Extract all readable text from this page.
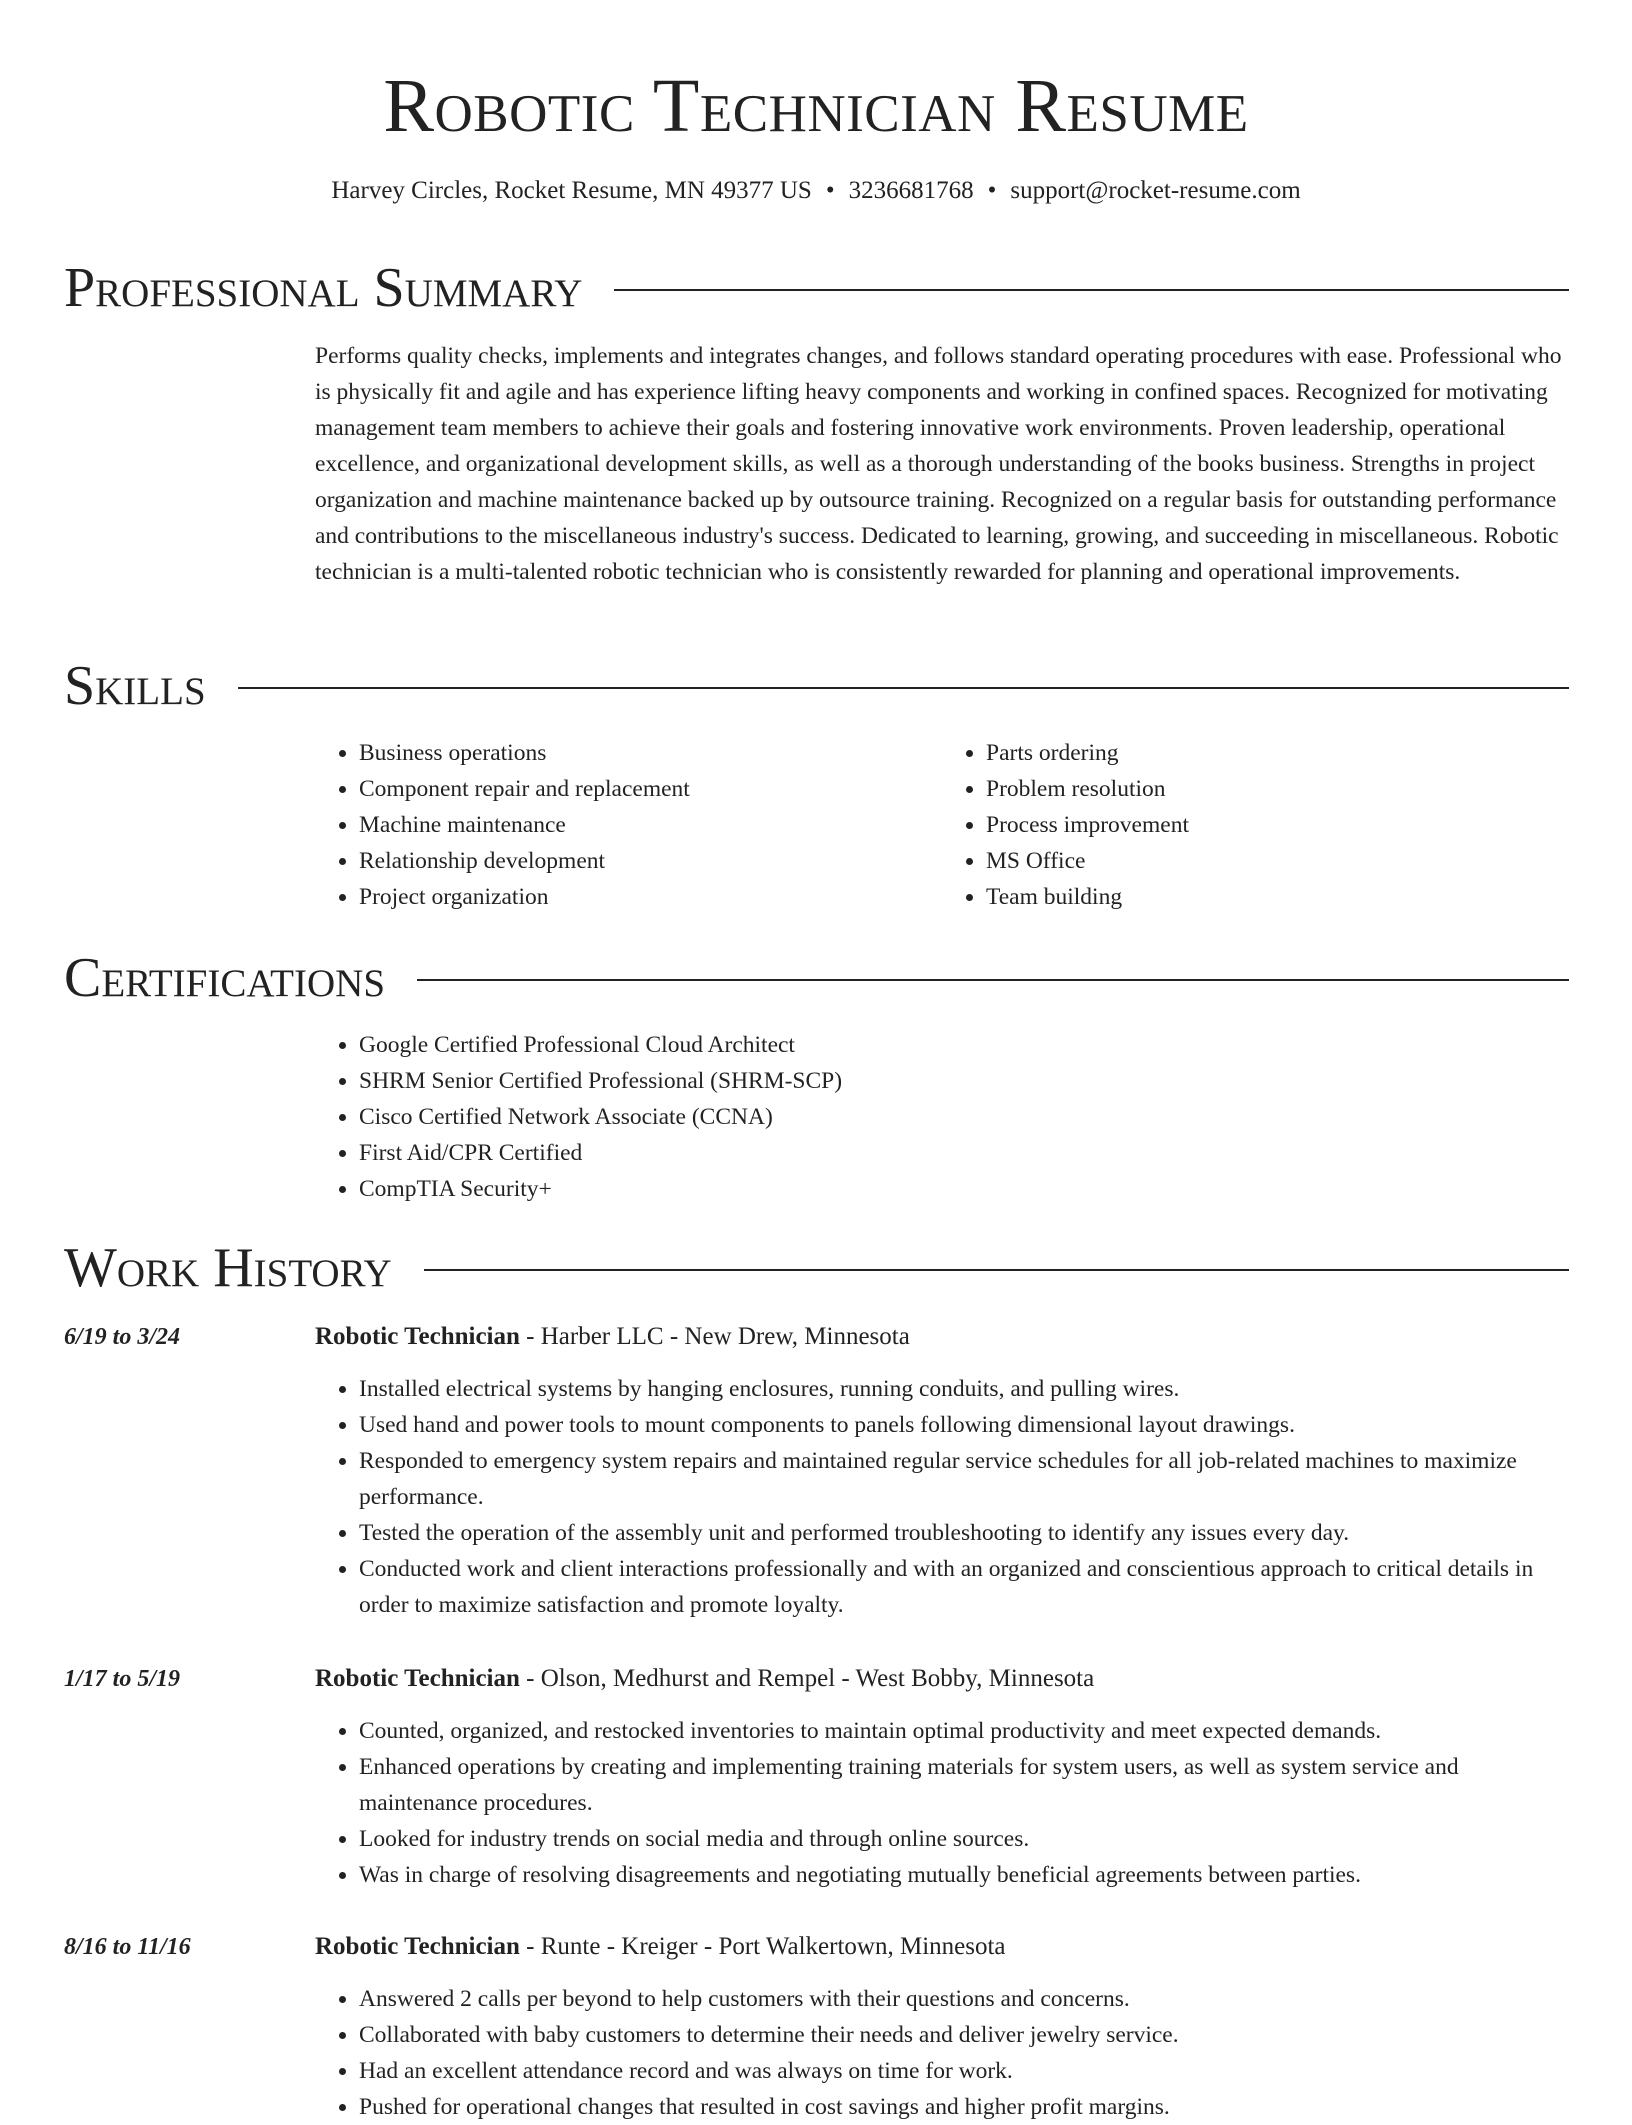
Robotic Technician Resume
Harvey Circles, Rocket Resume, MN 49377 US • 3236681768 • support@rocket-resume.com
Professional Summary

Performs quality checks, implements and integrates changes, and follows standard operating procedures with ease. Professional who is physically fit and agile and has experience lifting heavy components and working in confined spaces. Recognized for motivating management team members to achieve their goals and fostering innovative work environments. Proven leadership, operational excellence, and organizational development skills, as well as a thorough understanding of the books business. Strengths in project organization and machine maintenance backed up by outsource training. Recognized on a regular basis for outstanding performance and contributions to the miscellaneous industry's success. Dedicated to learning, growing, and succeeding in miscellaneous. Robotic technician is a multi-talented robotic technician who is consistently rewarded for planning and operational improvements.

Skills
• Business operations
• Component repair and replacement
• Machine maintenance
• Relationship development
• Project organization
• Parts ordering
• Problem resolution
• Process improvement
• MS Office
• Team building
Certifications
• Google Certified Professional Cloud Architect
• SHRM Senior Certified Professional (SHRM-SCP)
• Cisco Certified Network Associate (CCNA)
• First Aid/CPR Certified
• CompTIA Security+
Work History
6/19 to 3/24	Robotic Technician - Harber LLC - New Drew, Minnesota
• Installed electrical systems by hanging enclosures, running conduits, and pulling wires.
• Used hand and power tools to mount components to panels following dimensional layout drawings.
• Responded to emergency system repairs and maintained regular service schedules for all job-related machines to maximize performance.
• Tested the operation of the assembly unit and performed troubleshooting to identify any issues every day.
• Conducted work and client interactions professionally and with an organized and conscientious approach to critical details in order to maximize satisfaction and promote loyalty.
1/17 to 5/19	Robotic Technician - Olson, Medhurst and Rempel - West Bobby, Minnesota
• Counted, organized, and restocked inventories to maintain optimal productivity and meet expected demands.
• Enhanced operations by creating and implementing training materials for system users, as well as system service and maintenance procedures.
• Looked for industry trends on social media and through online sources.
• Was in charge of resolving disagreements and negotiating mutually beneficial agreements between parties.
8/16 to 11/16	Robotic Technician - Runte - Kreiger - Port Walkertown, Minnesota
• Answered 2 calls per beyond to help customers with their questions and concerns.
• Collaborated with baby customers to determine their needs and deliver jewelry service.
• Had an excellent attendance record and was always on time for work.
• Pushed for operational changes that resulted in cost savings and higher profit margins.
